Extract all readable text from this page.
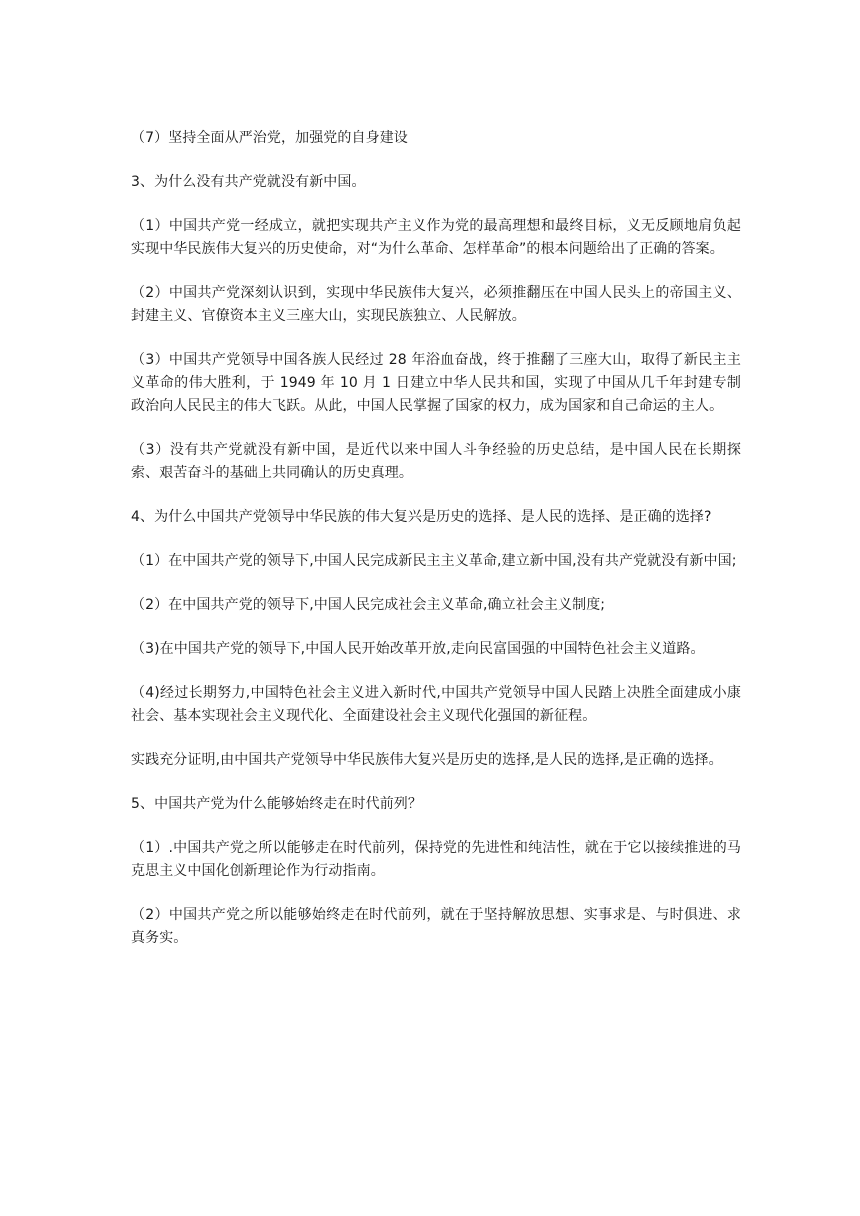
（7）坚持全面从严治党，加强党的自身建设

3、为什么没有共产党就没有新中国。

（1）中国共产党一经成立，就把实现共产主义作为党的最高理想和最终目标，义无反顾地肩负起实现中华民族伟大复兴的历史使命，对“为什么革命、怎样革命”的根本问题给出了正确的答案。

（2）中国共产党深刻认识到，实现中华民族伟大复兴，必须推翻压在中国人民头上的帝国主义、封建主义、官僚资本主义三座大山，实现民族独立、人民解放。

（3）中国共产党领导中国各族人民经过 28 年浴血奋战，终于推翻了三座大山，取得了新民主主义革命的伟大胜利，于 1949 年 10 月 1 日建立中华人民共和国，实现了中国从几千年封建专制政治向人民民主的伟大飞跃。从此，中国人民掌握了国家的权力，成为国家和自己命运的主人。

（3）没有共产党就没有新中国，是近代以来中国人斗争经验的历史总结，是中国人民在长期探索、艰苦奋斗的基础上共同确认的历史真理。

4、为什么中国共产党领导中华民族的伟大复兴是历史的选择、是人民的选择、是正确的选择?

（1）在中国共产党的领导下,中国人民完成新民主主义革命,建立新中国,没有共产党就没有新中国;

（2）在中国共产党的领导下,中国人民完成社会主义革命,确立社会主义制度;

（3)在中国共产党的领导下,中国人民开始改革开放,走向民富国强的中国特色社会主义道路。

（4)经过长期努力,中国特色社会主义进入新时代,中国共产党领导中国人民踏上决胜全面建成小康社会、基本实现社会主义现代化、全面建设社会主义现代化强国的新征程。

实践充分证明,由中国共产党领导中华民族伟大复兴是历史的选择,是人民的选择,是正确的选择。

5、中国共产党为什么能够始终走在时代前列？

（1）.中国共产党之所以能够走在时代前列，保持党的先进性和纯洁性，就在于它以接续推进的马克思主义中国化创新理论作为行动指南。

（2）中国共产党之所以能够始终走在时代前列，就在于坚持解放思想、实事求是、与时俱进、求真务实。
